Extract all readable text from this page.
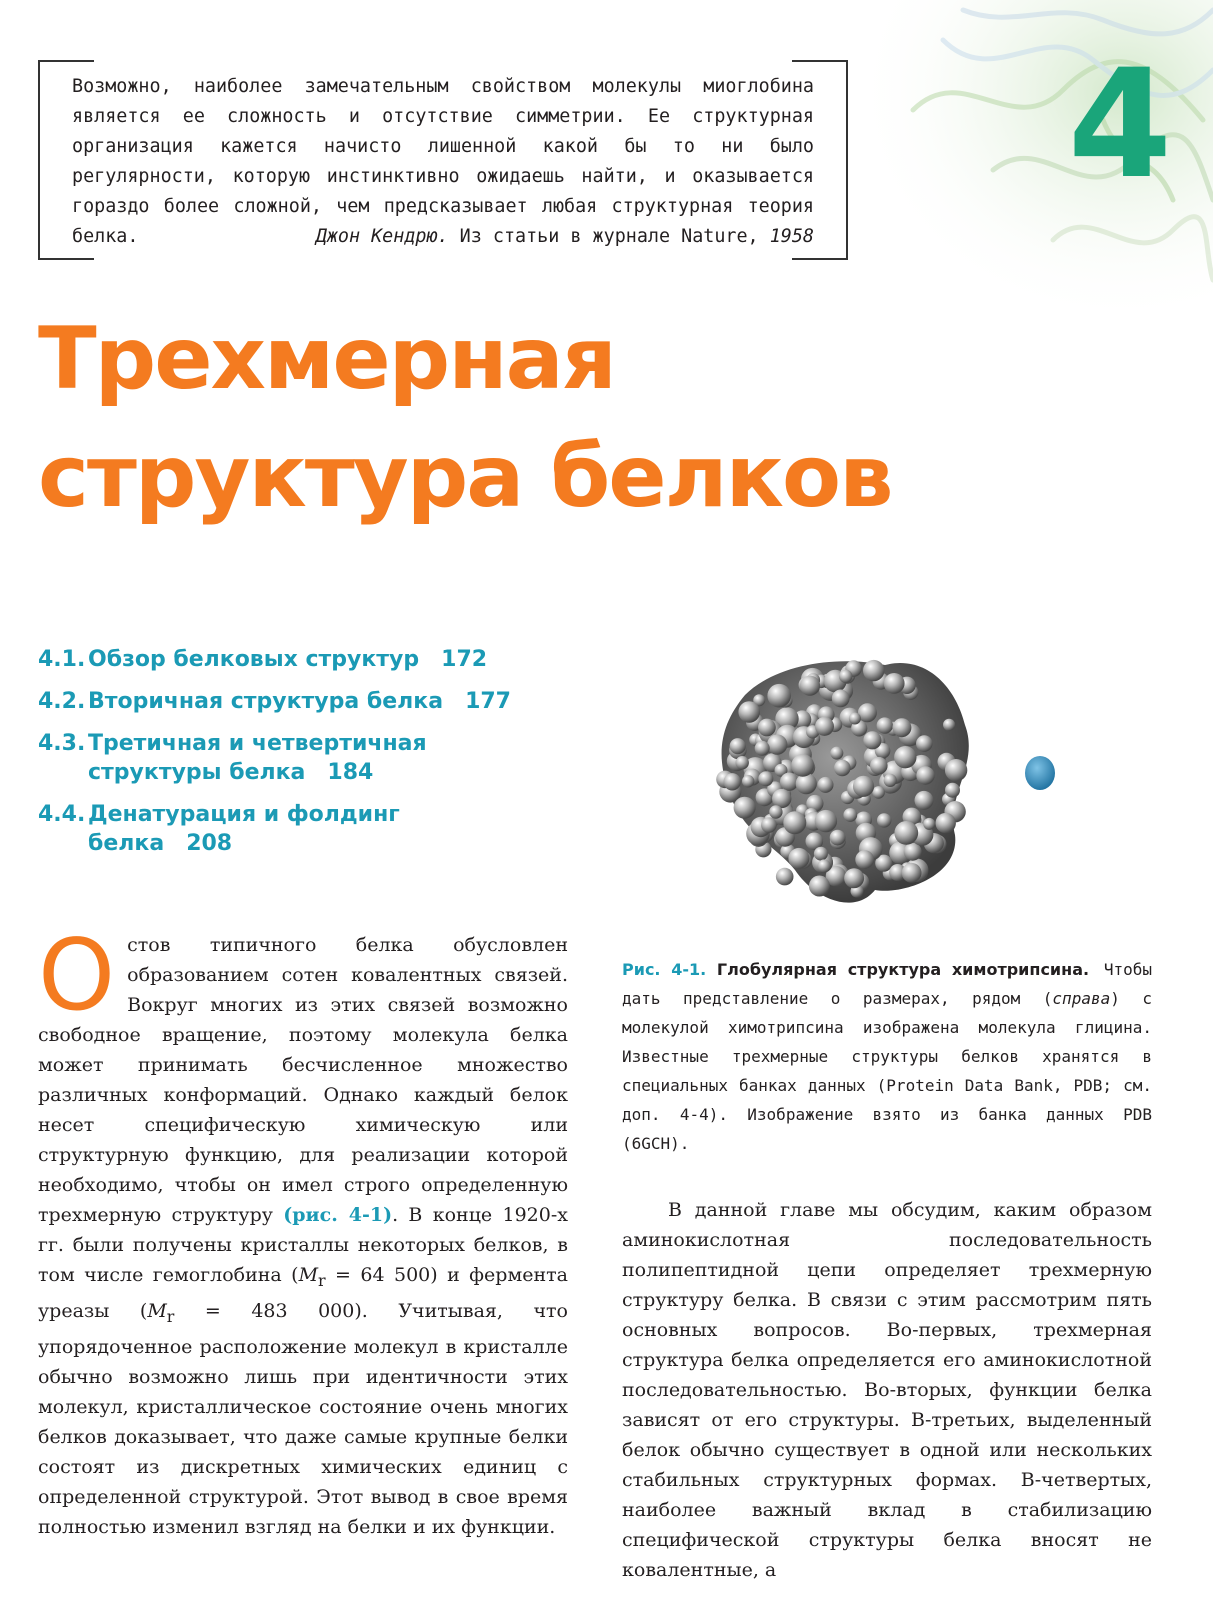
4
Возможно, наиболее замечательным свойством молекулы миоглобина является ее сложность и отсутствие симметрии. Ее структурная организация кажется начисто лишенной какой бы то ни было регулярности, которую инстинктивно ожидаешь найти, и оказывается гораздо более сложной, чем предсказывает любая структурная теория белка.	Джон Кендрю. Из статьи в журнале Nature, 1958
Трехмерная
структура белков
4.1. Обзор белковых структур 172
4.2. Вторичная структура белка 177
4.3. Третичная и четвертичная структуры белка 184
4.4. Денатурация и фолдинг белка 208
Рис. 4-1. Глобулярная структура химотрипсина. Чтобы дать представление о размерах, рядом (справа) с молекулой химотрипсина изображена молекула глицина. Известные трехмерные структуры белков хранятся в специальных банках данных (Protein Data Bank, PDB; см. доп. 4-4). Изображение взято из банка данных PDB (6GCH).
Остов типичного белка обусловлен образованием сотен ковалентных связей. Вокруг многих из этих связей возможно свободное вращение, поэтому молекула белка может принимать бесчисленное множество различных конформаций. Однако каждый белок несет специфическую химическую или структурную функцию, для реализации которой необходимо, чтобы он имел строго определенную трехмерную структуру (рис. 4-1). В конце 1920-х гг. были получены кристаллы некоторых белков, в том числе гемоглобина ($M_r = 64$ 500) и фермента уреазы ($M_r = 483$ 000). Учитывая, что упорядоченное расположение молекул в кристалле обычно возможно лишь при идентичности этих молекул, кристаллическое состояние очень многих белков доказывает, что даже самые крупные белки состоят из дискретных химических единиц с определенной структурой. Этот вывод в свое время полностью изменил взгляд на белки и их функции.
В данной главе мы обсудим, каким образом аминокислотная последовательность полипептидной цепи определяет трехмерную структуру белка. В связи с этим рассмотрим пять основных вопросов. Во-первых, трехмерная структура белка определяется его аминокислотной последовательностью. Во-вторых, функции белка зависят от его структуры. В-третьих, выделенный белок обычно существует в одной или нескольких стабильных структурных формах. В-четвертых, наиболее важный вклад в стабилизацию специфической структуры белка вносят не ковалентные, а
